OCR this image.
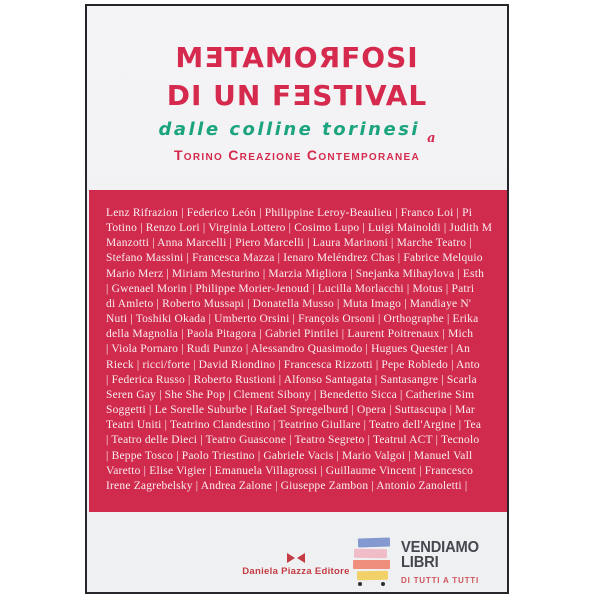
MƎTAMOЯFOSI
DI UN FƎSTIVAL
dalle colline torinesi $_a$
Torino Creazione Contemporanea
Lenz Rifrazion | Federico León | Philippine Leroy-Beaulieu | Franco Loi | Pi
Totino | Renzo Lori | Virginia Lottero | Cosimo Lupo | Luigi Mainoldi | Judith M
Manzotti | Anna Marcelli | Piero Marcelli | Laura Marinoni | Marche Teatro |
Stefano Massini | Francesca Mazza | Ienaro Meléndrez Chas | Fabrice Melquio
Mario Merz | Miriam Mesturino | Marzia Migliora | Snejanka Mihaylova | Esth
| Gwenael Morin | Philippe Morier-Jenoud | Lucilla Morlacchi | Motus | Patri
di Amleto | Roberto Mussapi | Donatella Musso | Muta Imago | Mandiaye N'
Nuti | Toshiki Okada | Umberto Orsini | François Orsoni | Orthographe | Erika
della Magnolia | Paola Pitagora | Gabriel Pintilei | Laurent Poitrenaux | Mich
| Viola Pornaro | Rudi Punzo | Alessandro Quasimodo | Hugues Quester | An
Rieck | ricci/forte | David Riondino | Francesca Rizzotti | Pepe Robledo | Anto
| Federica Russo | Roberto Rustioni | Alfonso Santagata | Santasangre | Scarla
Seren Gay | She She Pop | Clement Sibony | Benedetto Sicca | Catherine Sim
Soggetti | Le Sorelle Suburbe | Rafael Spregelburd | Opera | Suttascupa | Mar
Teatri Uniti | Teatrino Clandestino | Teatrino Giullare | Teatro dell'Argine | Tea
| Teatro delle Dieci | Teatro Guascone | Teatro Segreto | Teatrul ACT | Tecnolo
| Beppe Tosco | Paolo Triestino | Gabriele Vacis | Mario Valgoi | Manuel Vall
Varetto | Elise Vigier | Emanuela Villagrossi | Guillaume Vincent | Francesco
Irene Zagrebelsky | Andrea Zalone | Giuseppe Zambon | Antonio Zanoletti |
Daniela Piazza Editore
VENDIAMO
LIBRI
DI TUTTI A TUTTI
